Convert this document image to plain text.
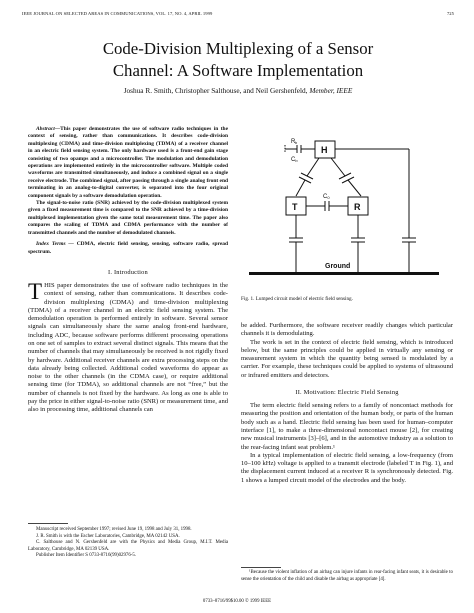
IEEE JOURNAL ON SELECTED AREAS IN COMMUNICATIONS, VOL. 17, NO. 4, APRIL 1999	725
Code-Division Multiplexing of a Sensor
Channel: A Software Implementation
Joshua R. Smith, Christopher Salthouse, and Neil Gershenfeld, Member, IEEE

Abstract—This paper demonstrates the use of software radio techniques in the context of sensing, rather than communications. It describes code-division multiplexing (CDMA) and time-division multiplexing (TDMA) of a receiver channel in an electric field sensing system. The only hardware used is a front-end gain stage consisting of two opamps and a microcontroller. The modulation and demodulation operations are implemented entirely in the microcontroller software. Multiple coded waveforms are transmitted simultaneously, and induce a combined signal on a single receive electrode. The combined signal, after passing through a single analog front end terminating in an analog-to-digital converter, is separated into the four original component signals by a software demodulation operation.

The signal-to-noise ratio (SNR) achieved by the code-division multiplexed system given a fixed measurement time is compared to the SNR achieved by a time-division multiplexed implementation given the same total measurement time. The paper also compares the scaling of TDMA and CDMA performance with the number of transmitted channels and the number of demodulated channels.

Index Terms — CDMA, electric field sensing, sensing, software radio, spread spectrum.

I. Introduction

THIS paper demonstrates the use of software radio techniques in the context of sensing, rather than communications. It describes code-division multiplexing (CDMA) and time-division multiplexing (TDMA) of a receiver channel in an electric field sensing system. The demodulation operation is performed entirely in software. Several sensor signals can simultaneously share the same analog front-end hardware, including ADC, because software performs different processing operations on one set of samples to extract several distinct signals. This means that the number of channels that may simultaneously be received is not rigidly fixed by hardware. Additional receiver channels are extra processing steps on the data already being collected. Additional coded waveforms do appear as noise to the other channels (in the CDMA case), or require additional sensing time (for TDMA), so additional channels are not “free,” but the number of channels is not fixed by the hardware. As long as one is able to pay the price in either signal-to-noise ratio (SNR) or measurement time, and also in processing time, additional channels can

Manuscript received September 1997; revised June 19, 1998 and July 31, 1998.

J. R. Smith is with the Escher Laboratories, Cambridge, MA 02142 USA.

C. Salthouse and N. Gershenfeld are with the Physics and Media Group, M.I.T. Media Laboratory, Cambridge, MA 02139 USA.

Publisher Item Identifier S 0733-8716(99)02976-5.

H
T	R
R b
Cb
C0
Ground
Fig. 1. Lumped circuit model of electric field sensing.

be added. Furthermore, the software receiver readily changes which particular channels it is demodulating.

The work is set in the context of electric field sensing, which is introduced below, but the same principles could be applied in virtually any sensing or measurement system in which the quantity being sensed is modulated by a carrier. For example, these techniques could be applied to systems of ultrasound or infrared emitters and detectors.

II. Motivation: Electric Field Sensing

The term electric field sensing refers to a family of noncontact methods for measuring the position and orientation of the human body, or parts of the human body such as a hand. Electric field sensing has been used for human–computer interface [1], to make a three-dimensional noncontact mouse [2], for creating new musical instruments [3]–[6], and in the automotive industry as a solution to the rear-facing infant seat problem.¹

In a typical implementation of electric field sensing, a low-frequency (from 10–100 kHz) voltage is applied to a transmit electrode (labeled T in Fig. 1), and the displacement current induced at a receiver R is synchronously detected. Fig. 1 shows a lumped circuit model of the electrodes and the body.

¹Because the violent inflation of an airbag can injure infants in rear-facing infant seats, it is desirable to sense the orientation of the child and disable the airbag as appropriate [4].

0733–8716/99$10.00 © 1999 IEEE
